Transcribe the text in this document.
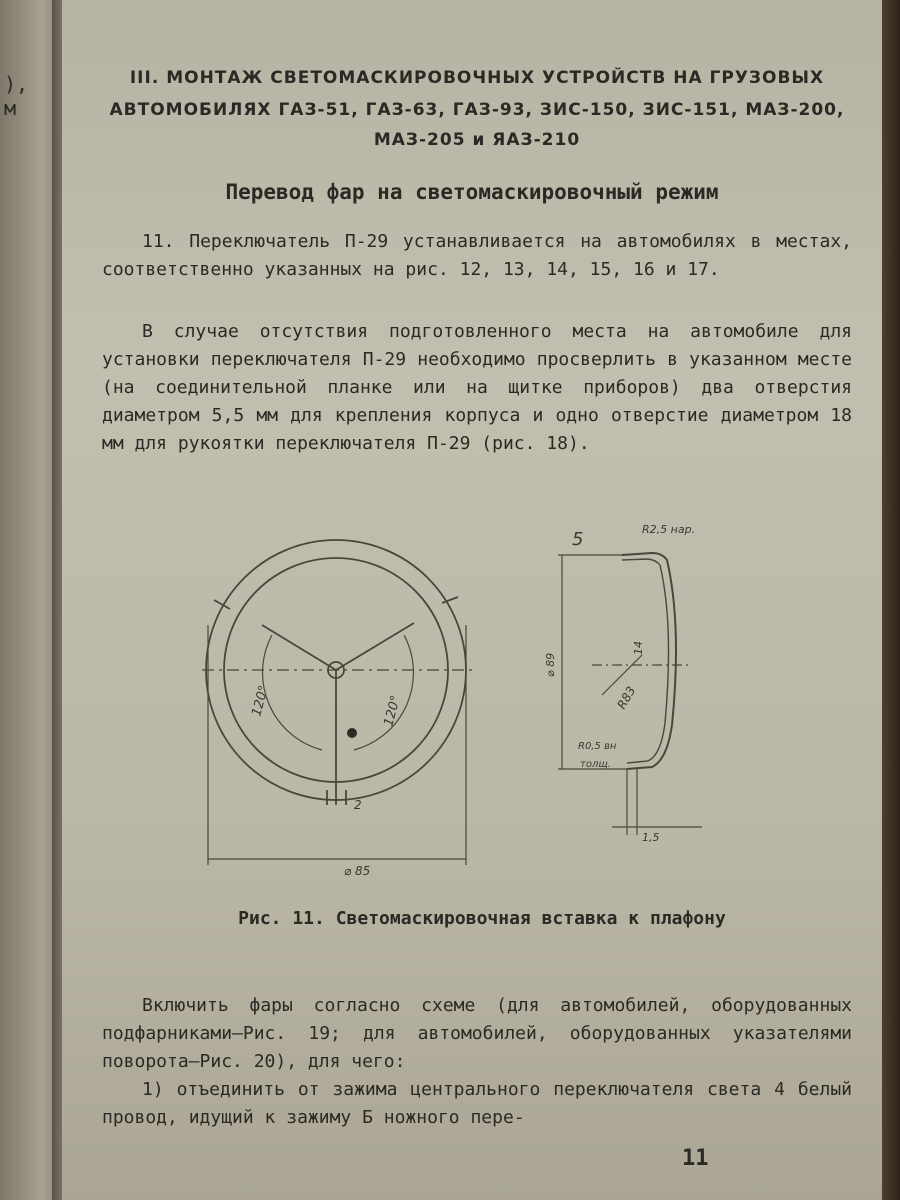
),
м
III. МОНТАЖ СВЕТОМАСКИРОВОЧНЫХ УСТРОЙСТВ НА ГРУЗОВЫХ
АВТОМОБИЛЯХ ГАЗ-51, ГАЗ-63, ГАЗ-93, ЗИС-150, ЗИС-151, МАЗ-200,
МАЗ-205 и ЯАЗ-210
Перевод фар на светомаскировочный режим
11. Переключатель П-29 устанавливается на автомобилях в местах, соответственно указанных на рис. 12, 13, 14, 15, 16 и 17.
В случае отсутствия подготовленного места на автомобиле для установки переключателя П-29 необходимо просверлить в указанном месте (на соединительной планке или на щитке приборов) два отверстия диаметром 5,5 мм для крепления корпуса и одно отверстие диаметром 18 мм для рукоятки переключателя П-29 (рис. 18).
120°	120°
2
⌀ 85
5	R2,5 нар.
⌀ 89
14
R83
R0,5 вн
толщ.
1,5
Рис. 11. Светомаскировочная вставка к плафону
Включить фары согласно схеме (для автомобилей, оборудованных подфарниками—Рис. 19; для автомобилей, оборудованных указателями поворота—Рис. 20), для чего:
1) отъединить от зажима центрального переключателя света 4 белый провод, идущий к зажиму Б ножного пере-
11
